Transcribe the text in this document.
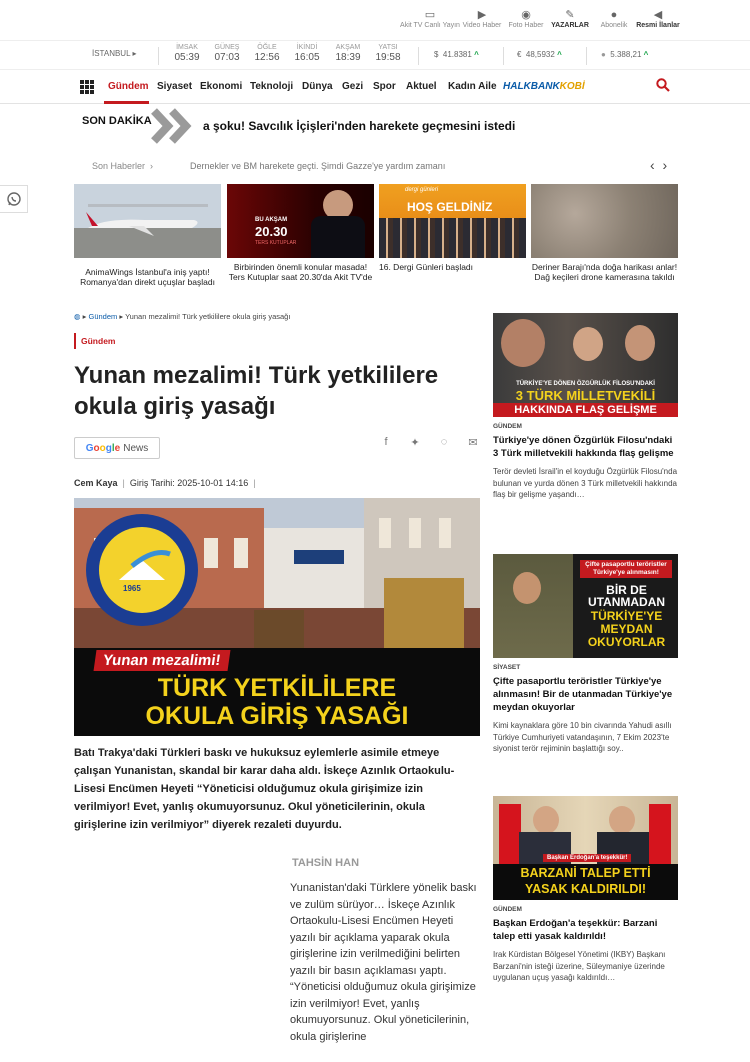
▭
Akit TV Canlı Yayın
▶
Video Haber
◉
Foto Haber
✎
YAZARLAR
●
Abonelik
◀
Resmi İlanlar
İSTANBUL ▸
İMSAK
05:39
GÜNEŞ
07:03
ÖĞLE
12:56
İKİNDİ
16:05
AKŞAM
18:39
YATSI
19:58	$ 41.8381 ^	€ 48,5932 ^	● 5.388,21 ^
Gündem Siyaset Ekonomi Teknoloji Dünya Gezi Spor Aktuel Kadın Aile HALKBANKKOBİ
SON DAKİKA	a şoku! Savcılık İçişleri'nden harekete geçmesini istedi
Son Haberler ›	Dernekler ve BM harekete geçti. Şimdi Gazze'ye yardım zamanı	‹ ›
AnimaWings İstanbul'a iniş yaptı! Romanya'dan direkt uçuşlar başladı
BU AKŞAM
20.30
TERS KUTUPLAR
Birbirinden önemli konular masada! Ters Kutuplar saat 20.30'da Akit TV'de
dergi günleri
HOŞ GELDİNİZ
16. Dergi Günleri başladı	Deriner Barajı'nda doğa harikası anlar! Dağ keçileri drone kamerasına takıldı
◍ ▸ Gündem ▸ Yunan mezalimi! Türk yetkililere okula giriş yasağı
Gündem
Yunan mezalimi! Türk yetkililere okula giriş yasağı
Google News	f	✦ ◌ ✉
Cem Kaya | Giriş Tarihi: 2025-10-01 14:16 |
1965
Yunan mezalimi!
TÜRK YETKİLİLERE
OKULA GİRİŞ YASAĞI

Batı Trakya'daki Türkleri baskı ve hukuksuz eylemlerle asimile etmeye çalışan Yunanistan, skandal bir karar daha aldı. İskeçe Azınlık Ortaokulu-Lisesi Encümen Heyeti “Yöneticisi olduğumuz okula girişimize izin verilmiyor! Evet, yanlış okumuyorsunuz. Okul yöneticilerinin, okula girişlerine izin verilmiyor” diyerek rezaleti duyurdu.

TAHSİN HAN

Yunanistan'daki Türklere yönelik baskı ve zulüm sürüyor… İskeçe Azınlık Ortaokulu-Lisesi Encümen Heyeti yazılı bir açıklama yaparak okula girişlerine izin verilmediğini belirten yazılı bir basın açıklaması yaptı. “Yöneticisi olduğumuz okula girişimize izin verilmiyor! Evet, yanlış okumuyorsunuz. Okul yöneticilerinin, okula girişlerine

TÜRKİYE'YE DÖNEN ÖZGÜRLÜK FİLOSU'NDAKİ
3 TÜRK MİLLETVEKİLİ
HAKKINDA FLAŞ GELİŞME
GÜNDEM
Türkiye'ye dönen Özgürlük Filosu'ndaki 3 Türk milletvekili hakkında flaş gelişme
Terör devleti İsrail'in el koyduğu Özgürlük Filosu'nda bulunan ve yurda dönen 3 Türk milletvekili hakkında flaş bir gelişme yaşandı…
Çifte pasaportlu teröristler Türkiye'ye alınmasın!
BİR DE
UTANMADAN
TÜRKİYE'YE
MEYDAN
OKUYORLAR
SİYASET
Çifte pasaportlu teröristler Türkiye'ye alınmasın! Bir de utanmadan Türkiye'ye meydan okuyorlar
Kimi kaynaklara göre 10 bin civarında Yahudi asıllı Türkiye Cumhuriyeti vatandaşının, 7 Ekim 2023'te siyonist terör rejiminin başlattığı soy..
Başkan Erdoğan'a teşekkür!
BARZANİ TALEP ETTİ
YASAK KALDIRILDI!
GÜNDEM
Başkan Erdoğan'a teşekkür: Barzani talep etti yasak kaldırıldı!
Irak Kürdistan Bölgesel Yönetimi (IKBY) Başkanı Barzani'nin isteği üzerine, Süleymaniye üzerinde uygulanan uçuş yasağı kaldırıldı…
